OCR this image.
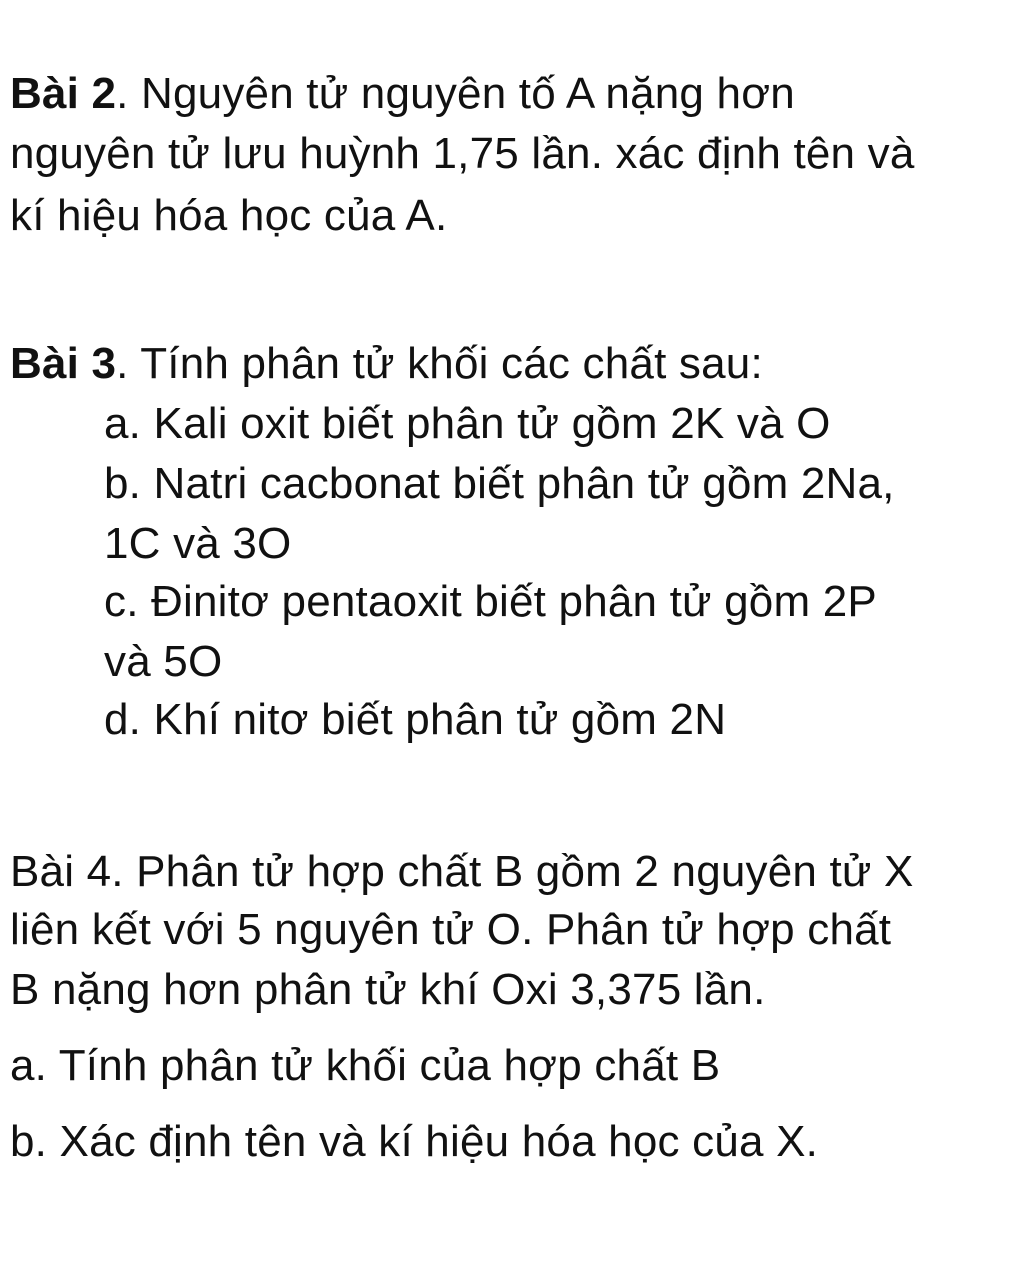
Bài 2. Nguyên tử nguyên tố A nặng hơn
nguyên tử lưu huỳnh 1,75 lần. xác định tên và
kí hiệu hóa học của A.
Bài 3. Tính phân tử khối các chất sau:
a. Kali oxit biết phân tử gồm 2K và O
b. Natri cacbonat biết phân tử gồm 2Na,
1C và 3O
c. Đinitơ pentaoxit biết phân tử gồm 2P
và 5O
d. Khí nitơ biết phân tử gồm 2N
Bài 4. Phân tử hợp chất B gồm 2 nguyên tử X
liên kết với 5 nguyên tử O. Phân tử hợp chất
B nặng hơn phân tử khí Oxi 3,375 lần.
a. Tính phân tử khối của hợp chất B
b. Xác định tên và kí hiệu hóa học của X.
